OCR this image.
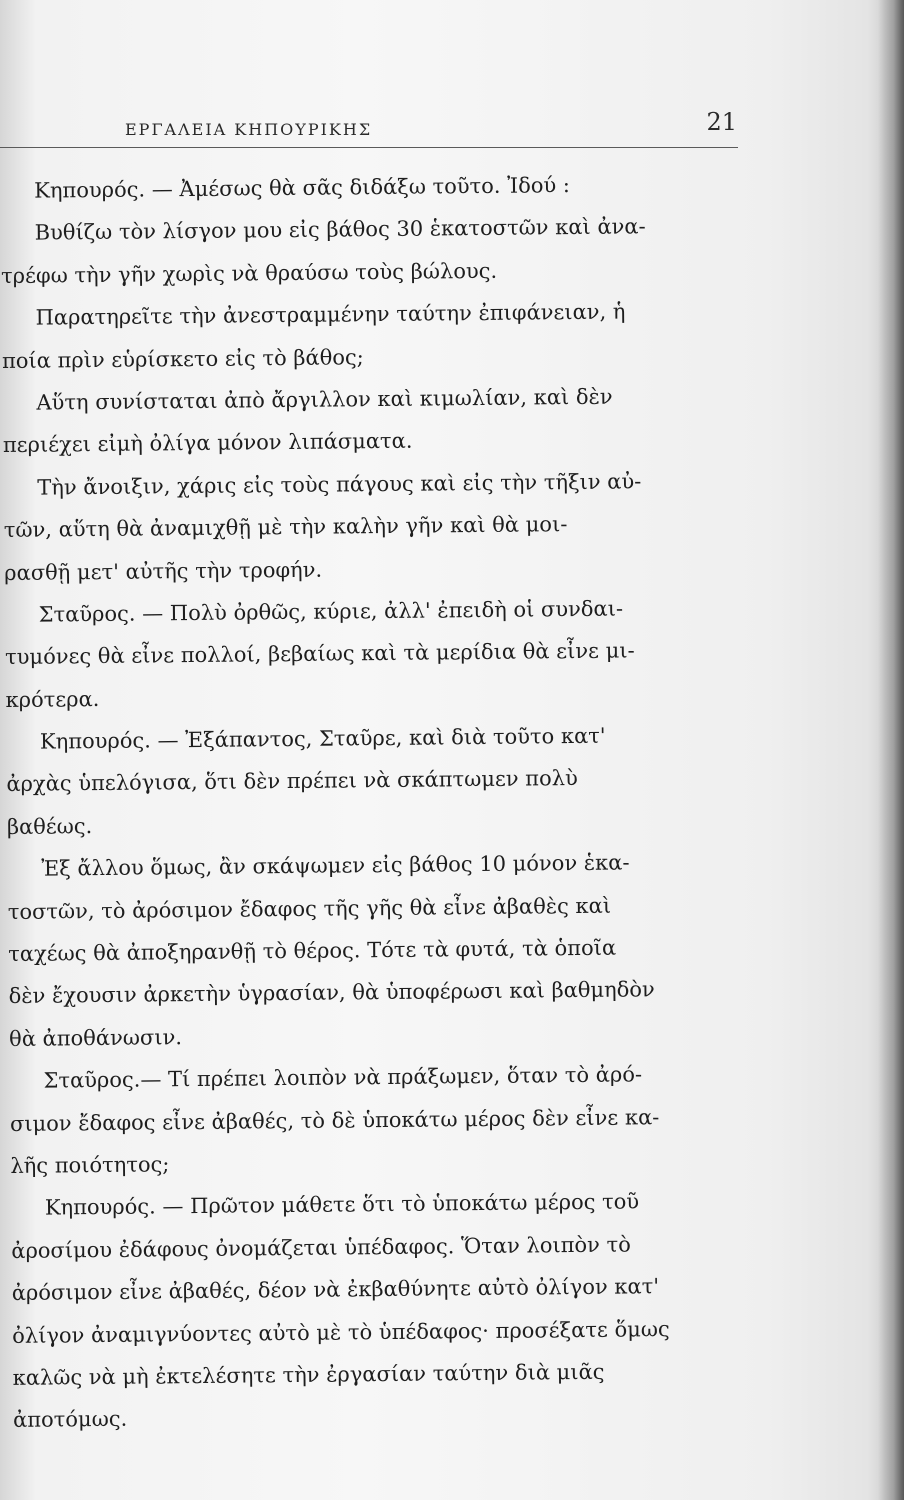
ΕΡΓΑΛΕΙΑ ΚΗΠΟΥΡΙΚΗΣ	21
Κηπουρός. — Ἀμέσως θὰ σᾶς διδάξω τοῦτο. Ἰδού :
Βυθίζω τὸν λίσγον μου εἰς βάθος 30 ἑκατοστῶν καὶ ἀνα-
τρέφω τὴν γῆν χωρὶς νὰ θραύσω τοὺς βώλους.
Παρατηρεῖτε τὴν ἀνεστραμμένην ταύτην ἐπιφάνειαν, ἡ
ποία πρὶν εὑρίσκετο εἰς τὸ βάθος;
Αὕτη συνίσταται ἀπὸ ἄργιλλον καὶ κιμωλίαν, καὶ δὲν
περιέχει εἰμὴ ὀλίγα μόνον λιπάσματα.
Τὴν ἄνοιξιν, χάρις εἰς τοὺς πάγους καὶ εἰς τὴν τῆξιν αὐ-
τῶν, αὕτη θὰ ἀναμιχθῇ μὲ τὴν καλὴν γῆν καὶ θὰ μοι-
ρασθῇ μετ' αὐτῆς τὴν τροφήν.
Σταῦρος. — Πολὺ ὀρθῶς, κύριε, ἀλλ' ἐπειδὴ οἱ συνδαι-
τυμόνες θὰ εἶνε πολλοί, βεβαίως καὶ τὰ μερίδια θὰ εἶνε μι-
κρότερα.
Κηπουρός. — Ἐξάπαντος, Σταῦρε, καὶ διὰ τοῦτο κατ'
ἀρχὰς ὑπελόγισα, ὅτι δὲν πρέπει νὰ σκάπτωμεν πολὺ
βαθέως.
Ἐξ ἄλλου ὅμως, ἂν σκάψωμεν εἰς βάθος 10 μόνον ἑκα-
τοστῶν, τὸ ἀρόσιμον ἔδαφος τῆς γῆς θὰ εἶνε ἀβαθὲς καὶ
ταχέως θὰ ἀποξηρανθῇ τὸ θέρος. Τότε τὰ φυτά, τὰ ὁποῖα
δὲν ἔχουσιν ἀρκετὴν ὑγρασίαν, θὰ ὑποφέρωσι καὶ βαθμηδὸν
θὰ ἀποθάνωσιν.
Σταῦρος.— Τί πρέπει λοιπὸν νὰ πράξωμεν, ὅταν τὸ ἀρό-
σιμον ἔδαφος εἶνε ἀβαθές, τὸ δὲ ὑποκάτω μέρος δὲν εἶνε κα-
λῆς ποιότητος;
Κηπουρός. — Πρῶτον μάθετε ὅτι τὸ ὑποκάτω μέρος τοῦ
ἀροσίμου ἐδάφους ὀνομάζεται ὑπέδαφος. Ὅταν λοιπὸν τὸ
ἀρόσιμον εἶνε ἀβαθές, δέον νὰ ἐκβαθύνητε αὐτὸ ὀλίγον κατ'
ὀλίγον ἀναμιγνύοντες αὐτὸ μὲ τὸ ὑπέδαφος· προσέξατε ὅμως
καλῶς νὰ μὴ ἐκτελέσητε τὴν ἐργασίαν ταύτην διὰ μιᾶς
ἀποτόμως.
